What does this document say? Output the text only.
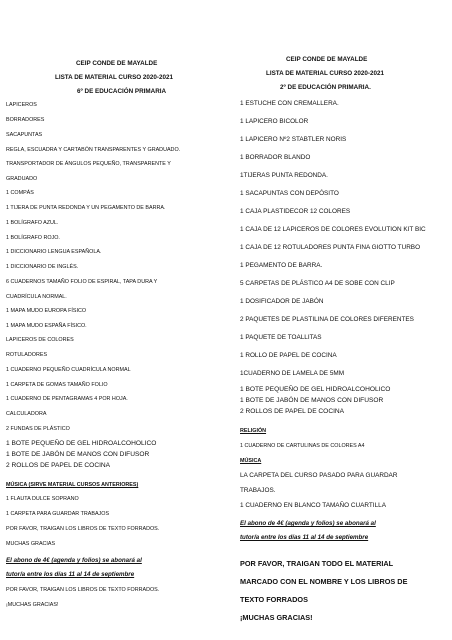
CEIP CONDE DE MAYALDE
LISTA DE MATERIAL CURSO 2020-2021
6º DE EDUCACIÓN PRIMARIA
LAPICEROS
BORRADORES
SACAPUNTAS
REGLA, ESCUADRA Y CARTABÓN TRANSPARENTES Y GRADUADO.
TRANSPORTADOR DE ÁNGULOS PEQUEÑO, TRANSPARENTE Y
GRADUADO
1 COMPÁS
1 TIJERA DE PUNTA REDONDA Y UN PEGAMENTO DE BARRA.
1 BOLÍGRAFO AZUL.
1 BOLÍGRAFO ROJO.
1 DICCIONARIO LENGUA ESPAÑOLA.
1 DICCIONARIO DE INGLÉS.
6 CUADERNOS TAMAÑO FOLIO DE ESPIRAL, TAPA DURA Y
CUADRÍCULA NORMAL.
1 MAPA MUDO EUROPA FÍSICO
1 MAPA MUDO ESPAÑA FÍSICO.
LAPICEROS DE COLORES
ROTULADORES
1 CUADERNO PEQUEÑO CUADRÍCULA NORMAL
1 CARPETA DE GOMAS TAMAÑO FOLIO
1 CUADERNO DE PENTAGRAMAS 4 POR HOJA.
CALCULADORA
2 FUNDAS DE PLÁSTICO
1 BOTE PEQUEÑO DE GEL HIDROALCOHOLICO
1 BOTE DE JABÓN DE MANOS CON DIFUSOR
2 ROLLOS DE PAPEL DE COCINA
MÚSICA (SIRVE MATERIAL CURSOS ANTERIORES)
1 FLAUTA DULCE SOPRANO
1 CARPETA PARA GUARDAR TRABAJOS
POR FAVOR, TRAIGAN LOS LIBROS DE TEXTO FORRADOS.
MUCHAS GRACIAS
El abono de 4€ (agenda y folios) se abonará al
tutor/a entre los días 11 al 14 de septiembre
POR FAVOR, TRAIGAN LOS LIBROS DE TEXTO FORRADOS.
¡MUCHAS GRACIAS!
CEIP CONDE DE MAYALDE
LISTA DE MATERIAL CURSO 2020-2021
2º DE EDUCACIÓN PRIMARIA.
1 ESTUCHE CON CREMALLERA.
1 LAPICERO BICOLOR
1 LAPICERO Nº2 STABTLER NORIS
1 BORRADOR BLANDO
1TIJERAS PUNTA REDONDA.
1 SACAPUNTAS CON DEPÓSITO
1 CAJA PLASTIDECOR 12 COLORES
1 CAJA DE 12 LAPICEROS DE COLORES EVOLUTION KIT BIC
1 CAJA DE 12 ROTULADORES PUNTA FINA GIOTTO TURBO
1 PEGAMENTO DE BARRA.
5 CARPETAS DE PLÁSTICO A4 DE SOBE CON CLIP
1 DOSIFICADOR DE JABÓN
2 PAQUETES DE PLASTILINA DE COLORES DIFERENTES
1 PAQUETE DE TOALLITAS
1 ROLLO DE PAPEL DE COCINA
1CUADERNO DE LAMELA DE 5MM
1 BOTE PEQUEÑO DE GEL HIDROALCOHOLICO
1 BOTE DE JABÓN DE MANOS CON DIFUSOR
2 ROLLOS DE PAPEL DE COCINA
RELIGIÓN
1 CUADERNO DE CARTULINAS DE COLORES A4
MÚSICA
LA CARPETA DEL CURSO PASADO PARA GUARDAR
TRABAJOS.
1 CUADERNO EN BLANCO TAMAÑO CUARTILLA
El abono de 4€ (agenda y folios) se abonará al
tutor/a entre los días 11 al 14 de septiembre
POR FAVOR, TRAIGAN TODO EL MATERIAL
MARCADO CON EL NOMBRE Y LOS LIBROS DE
TEXTO FORRADOS
¡MUCHAS GRACIAS!
